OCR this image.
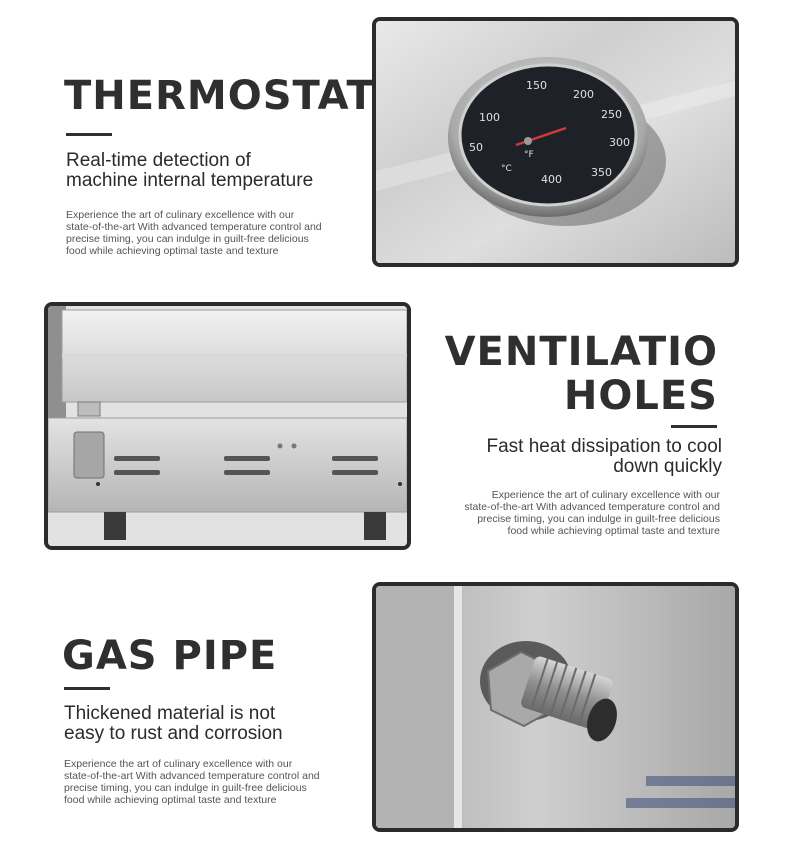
THERMOSTAT
Real-time detection of
machine internal temperature
Experience the art of culinary excellence with our
state-of-the-art With advanced temperature control and
precise timing, you can indulge in guilt-free delicious
food while achieving optimal taste and texture
50
100
150
200
250
300
350
400
°F
°C
VENTILATIO
HOLES
Fast heat dissipation to cool
down quickly
Experience the art of culinary excellence with our
state-of-the-art With advanced temperature control and
precise timing, you can indulge in guilt-free delicious
food while achieving optimal taste and texture
GAS PIPE
Thickened material is not
easy to rust and corrosion
Experience the art of culinary excellence with our
state-of-the-art With advanced temperature control and
precise timing, you can indulge in guilt-free delicious
food while achieving optimal taste and texture
